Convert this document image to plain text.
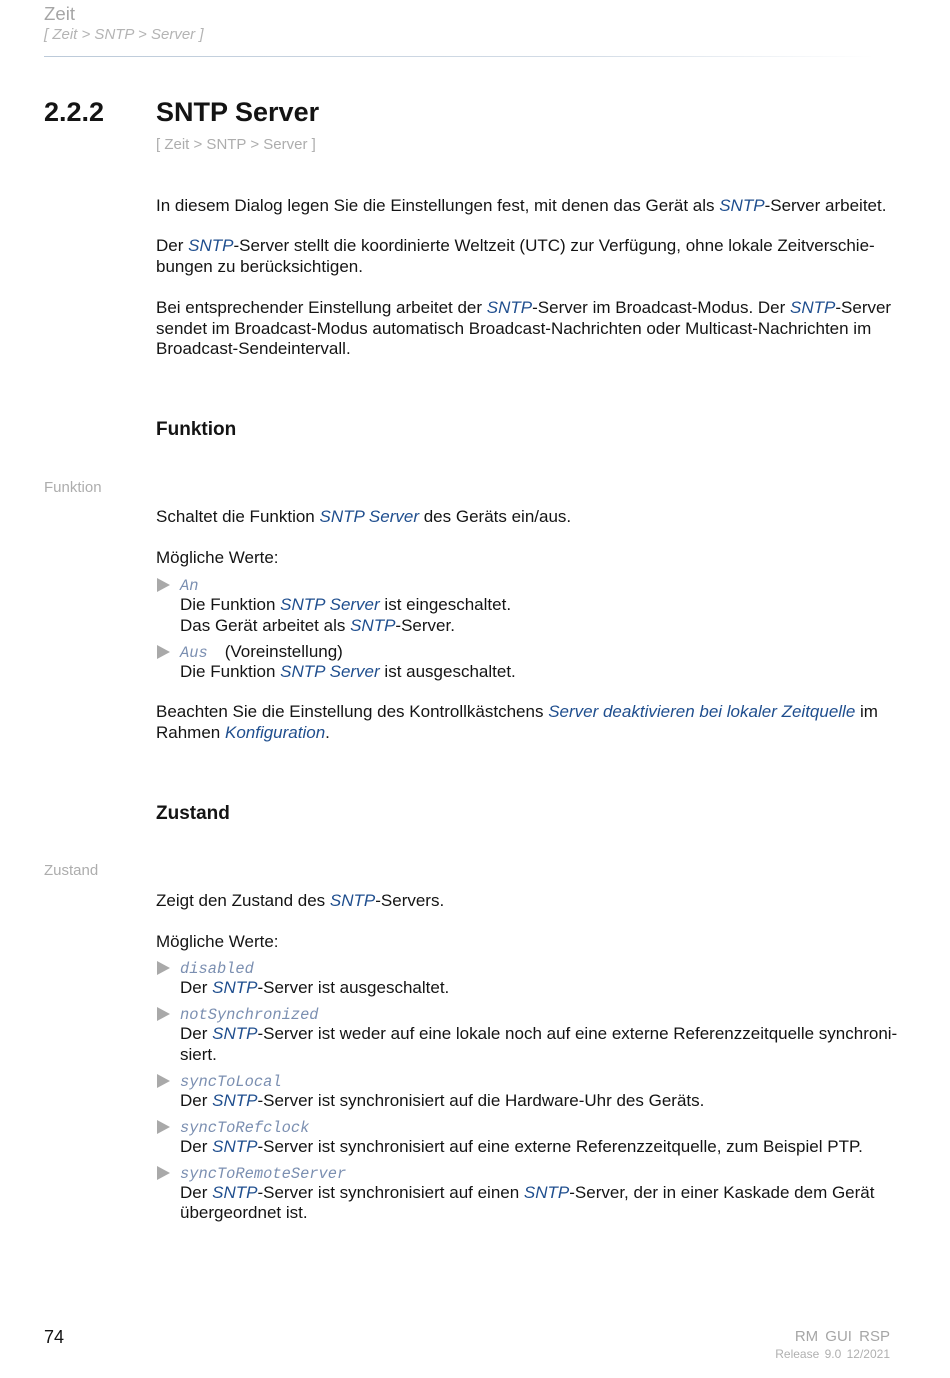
Zeit
[ Zeit > SNTP > Server ]
2.2.2 SNTP Server
[ Zeit > SNTP > Server ]
In diesem Dialog legen Sie die Einstellungen fest, mit denen das Gerät als SNTP-Server arbeitet.
Der SNTP-Server stellt die koordinierte Weltzeit (UTC) zur Verfügung, ohne lokale Zeitverschie-
bungen zu berücksichtigen.
Bei entsprechender Einstellung arbeitet der SNTP-Server im Broadcast-Modus. Der SNTP-Server
sendet im Broadcast-Modus automatisch Broadcast-Nachrichten oder Multicast-Nachrichten im
Broadcast-Sendeintervall.
Funktion
Funktion
Schaltet die Funktion SNTP Server des Geräts ein/aus.
Mögliche Werte:
An
Die Funktion SNTP Server ist eingeschaltet.
Das Gerät arbeitet als SNTP-Server.
Aus (Voreinstellung)
Die Funktion SNTP Server ist ausgeschaltet.
Beachten Sie die Einstellung des Kontrollkästchens Server deaktivieren bei lokaler Zeitquelle im
Rahmen Konfiguration.
Zustand
Zustand
Zeigt den Zustand des SNTP-Servers.
Mögliche Werte:
disabled
Der SNTP-Server ist ausgeschaltet.
notSynchronized
Der SNTP-Server ist weder auf eine lokale noch auf eine externe Referenzzeitquelle synchroni-
siert.
syncToLocal
Der SNTP-Server ist synchronisiert auf die Hardware-Uhr des Geräts.
syncToRefclock
Der SNTP-Server ist synchronisiert auf eine externe Referenzzeitquelle, zum Beispiel PTP.
syncToRemoteServer
Der SNTP-Server ist synchronisiert auf einen SNTP-Server, der in einer Kaskade dem Gerät
übergeordnet ist.
74	RM GUI RSP
Release 9.0 12/2021
